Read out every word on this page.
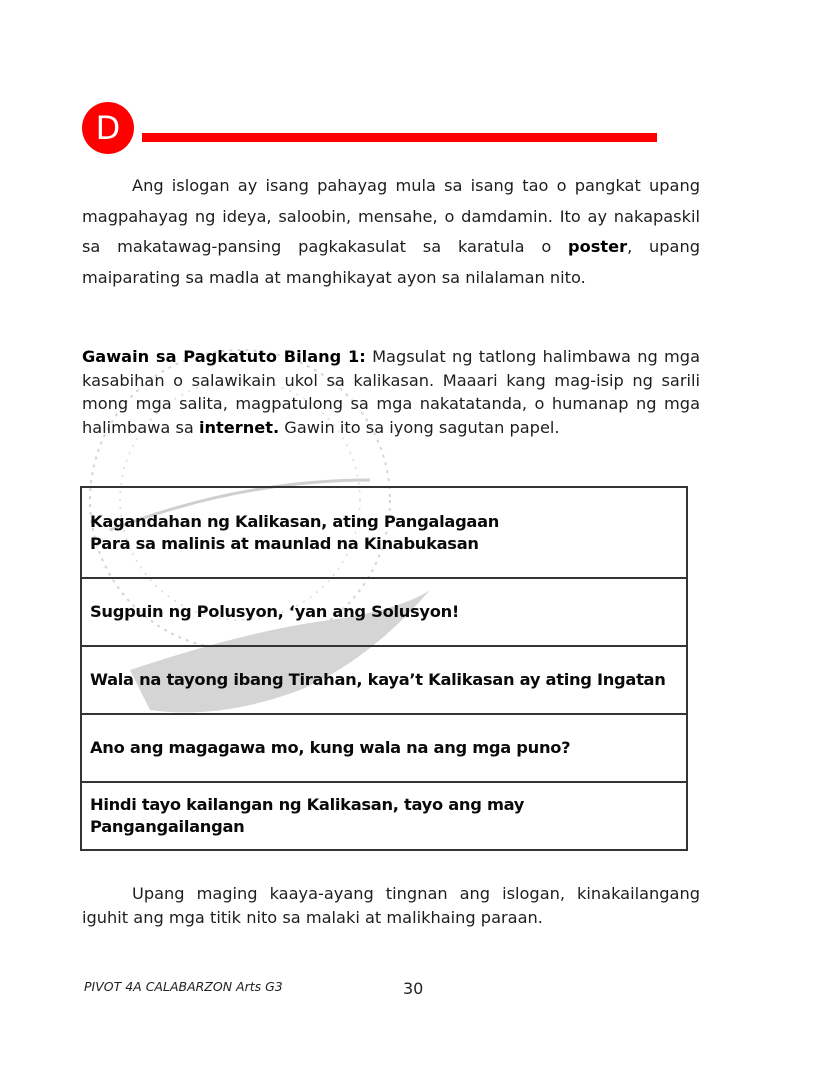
D

Ang islogan ay isang pahayag mula sa isang tao o pangkat upang magpahayag ng ideya, saloobin, mensahe, o damdamin. Ito ay nakapaskil sa makatawag-pansing pagkakasulat sa karatula o poster, upang maiparating sa madla at manghikayat ayon sa nilalaman nito.

Gawain sa Pagkatuto Bilang 1: Magsulat ng tatlong halimbawa ng mga kasabihan o salawikain ukol sa kalikasan. Maaari kang mag-isip ng sarili mong mga salita, magpatulong sa mga nakatatanda, o humanap ng mga halimbawa sa internet. Gawin ito sa iyong sagutan papel.

Kagandahan ng Kalikasan, ating Pangalagaan
Para sa malinis at maunlad na Kinabukasan
Sugpuin ng Polusyon, ‘yan ang Solusyon!
Wala na tayong ibang Tirahan, kaya’t Kalikasan ay ating Ingatan
Ano ang magagawa mo, kung wala na ang mga puno?
Hindi tayo kailangan ng Kalikasan, tayo ang may Pangangailangan

Upang maging kaaya-ayang tingnan ang islogan, kinakailangang iguhit ang mga titik nito sa malaki at malikhaing paraan.

PIVOT 4A CALABARZON Arts G3	30
